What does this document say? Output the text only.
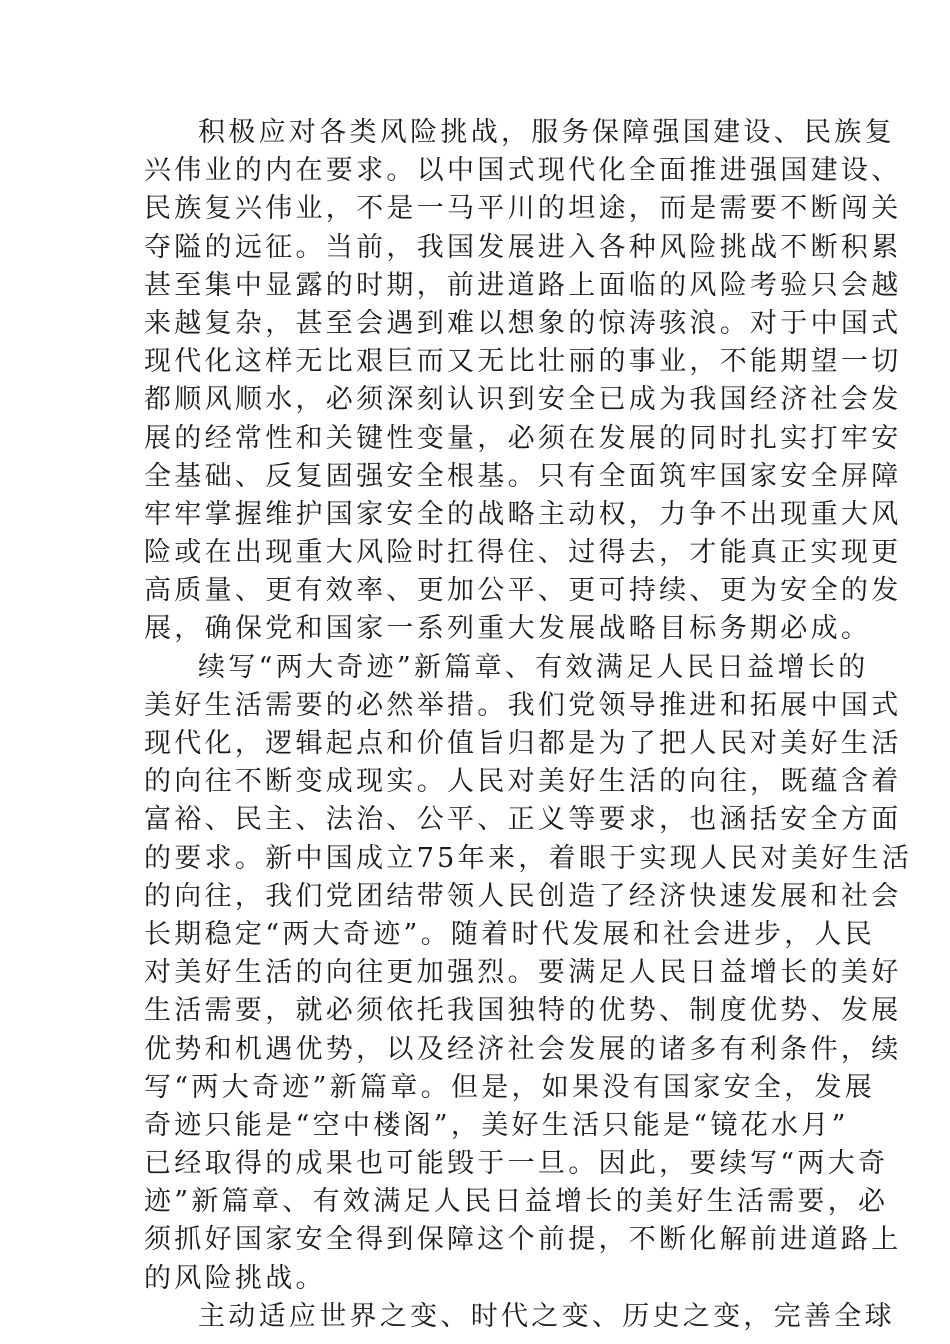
积极应对各类风险挑战，服务保障强国建设、民族复
兴伟业的内在要求。以中国式现代化全面推进强国建设、
民族复兴伟业，不是一马平川的坦途，而是需要不断闯关
夺隘的远征。当前，我国发展进入各种风险挑战不断积累
甚至集中显露的时期，前进道路上面临的风险考验只会越
来越复杂，甚至会遇到难以想象的惊涛骇浪。对于中国式
现代化这样无比艰巨而又无比壮丽的事业，不能期望一切
都顺风顺水，必须深刻认识到安全已成为我国经济社会发
展的经常性和关键性变量，必须在发展的同时扎实打牢安
全基础、反复固强安全根基。只有全面筑牢国家安全屏障
牢牢掌握维护国家安全的战略主动权，力争不出现重大风
险或在出现重大风险时扛得住、过得去，才能真正实现更
高质量、更有效率、更加公平、更可持续、更为安全的发
展，确保党和国家一系列重大发展战略目标务期必成。
续写“两大奇迹”新篇章、有效满足人民日益增长的
美好生活需要的必然举措。我们党领导推进和拓展中国式
现代化，逻辑起点和价值旨归都是为了把人民对美好生活
的向往不断变成现实。人民对美好生活的向往，既蕴含着
富裕、民主、法治、公平、正义等要求，也涵括安全方面
的要求。新中国成立75年来，着眼于实现人民对美好生活
的向往，我们党团结带领人民创造了经济快速发展和社会
长期稳定“两大奇迹”。随着时代发展和社会进步，人民
对美好生活的向往更加强烈。要满足人民日益增长的美好
生活需要，就必须依托我国独特的优势、制度优势、发展
优势和机遇优势，以及经济社会发展的诸多有利条件，续
写“两大奇迹”新篇章。但是，如果没有国家安全，发展
奇迹只能是“空中楼阁”，美好生活只能是“镜花水月”
已经取得的成果也可能毁于一旦。因此，要续写“两大奇
迹”新篇章、有效满足人民日益增长的美好生活需要，必
须抓好国家安全得到保障这个前提，不断化解前进道路上
的风险挑战。
主动适应世界之变、时代之变、历史之变，完善全球
